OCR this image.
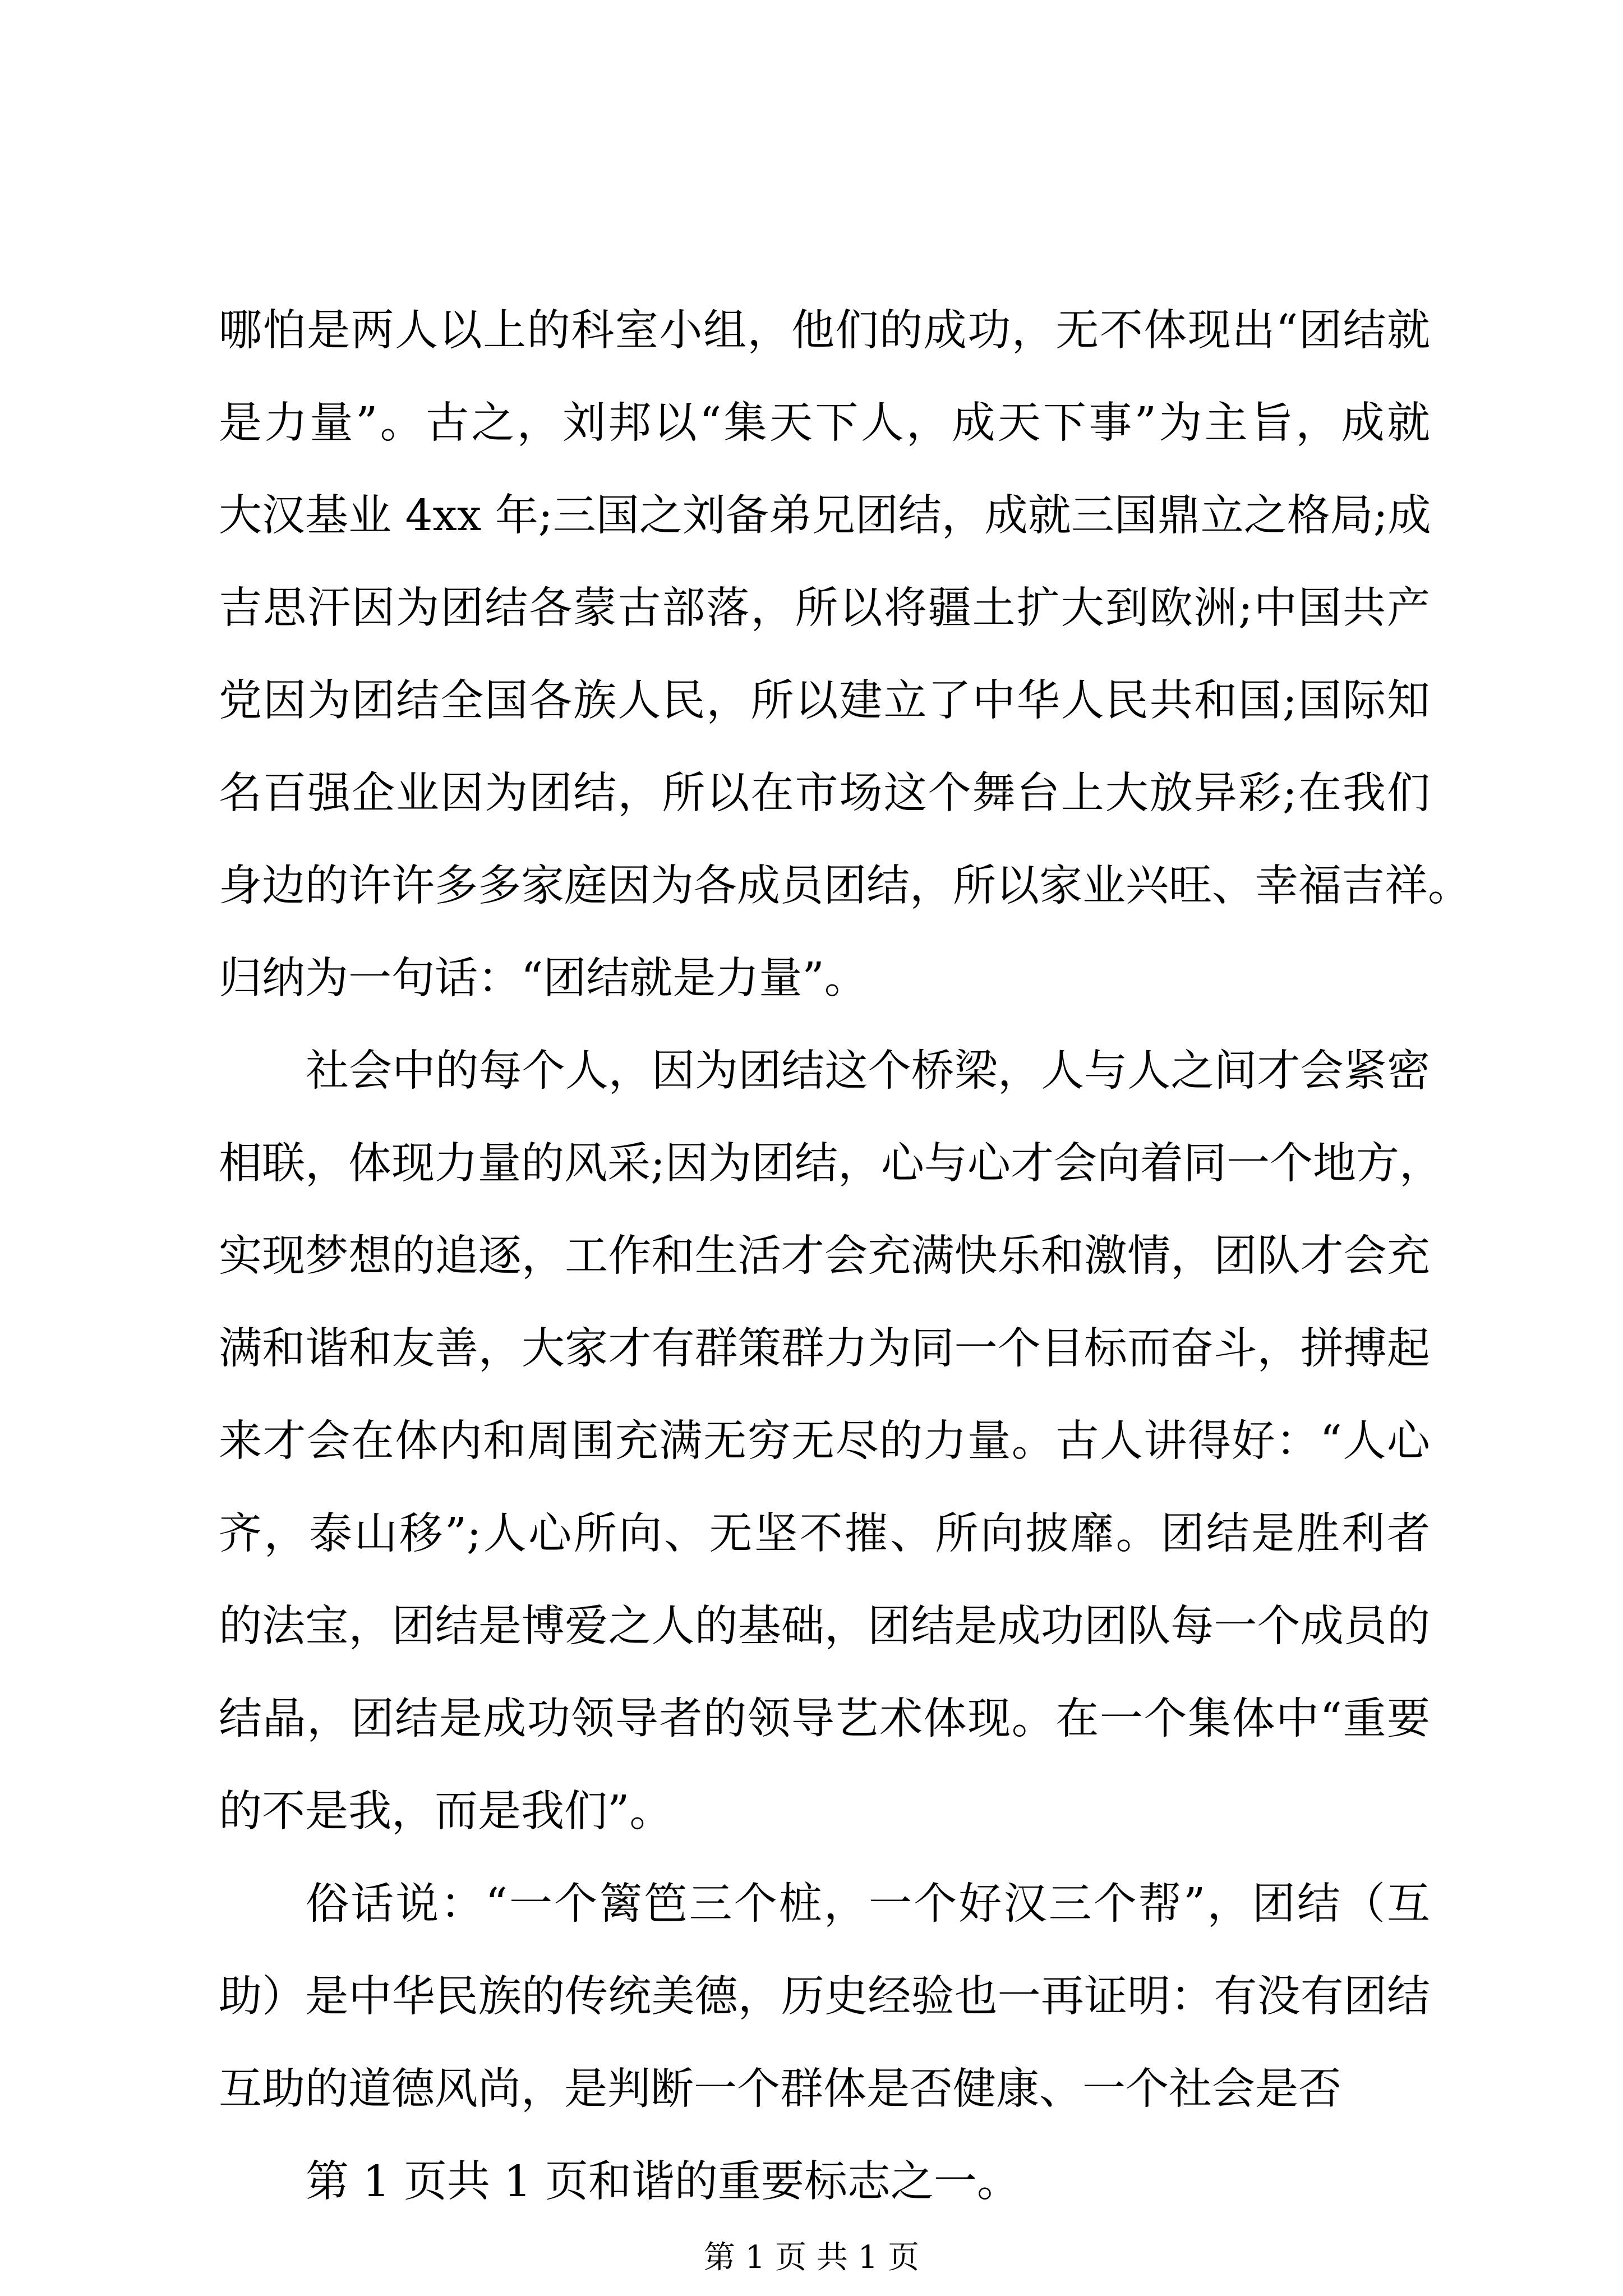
哪怕是两人以上的科室小组，他们的成功，无不体现出“团结就
是力量”。古之，刘邦以“集天下人，成天下事”为主旨，成就
大汉基业 4xx 年;三国之刘备弟兄团结，成就三国鼎立之格局;成
吉思汗因为团结各蒙古部落，所以将疆土扩大到欧洲;中国共产
党因为团结全国各族人民，所以建立了中华人民共和国;国际知
名百强企业因为团结，所以在市场这个舞台上大放异彩;在我们
身边的许许多多家庭因为各成员团结，所以家业兴旺、幸福吉祥。
归纳为一句话：“团结就是力量”。
社会中的每个人，因为团结这个桥梁，人与人之间才会紧密
相联，体现力量的风采;因为团结，心与心才会向着同一个地方，
实现梦想的追逐，工作和生活才会充满快乐和激情，团队才会充
满和谐和友善，大家才有群策群力为同一个目标而奋斗，拼搏起
来才会在体内和周围充满无穷无尽的力量。古人讲得好：“人心
齐，泰山移”;人心所向、无坚不摧、所向披靡。团结是胜利者
的法宝，团结是博爱之人的基础，团结是成功团队每一个成员的
结晶，团结是成功领导者的领导艺术体现。在一个集体中“重要
的不是我，而是我们”。
俗话说：“一个篱笆三个桩，一个好汉三个帮”，团结（互
助）是中华民族的传统美德，历史经验也一再证明：有没有团结
互助的道德风尚，是判断一个群体是否健康、一个社会是否
第 1 页共 1 页和谐的重要标志之一。
第 1 页 共 1 页
